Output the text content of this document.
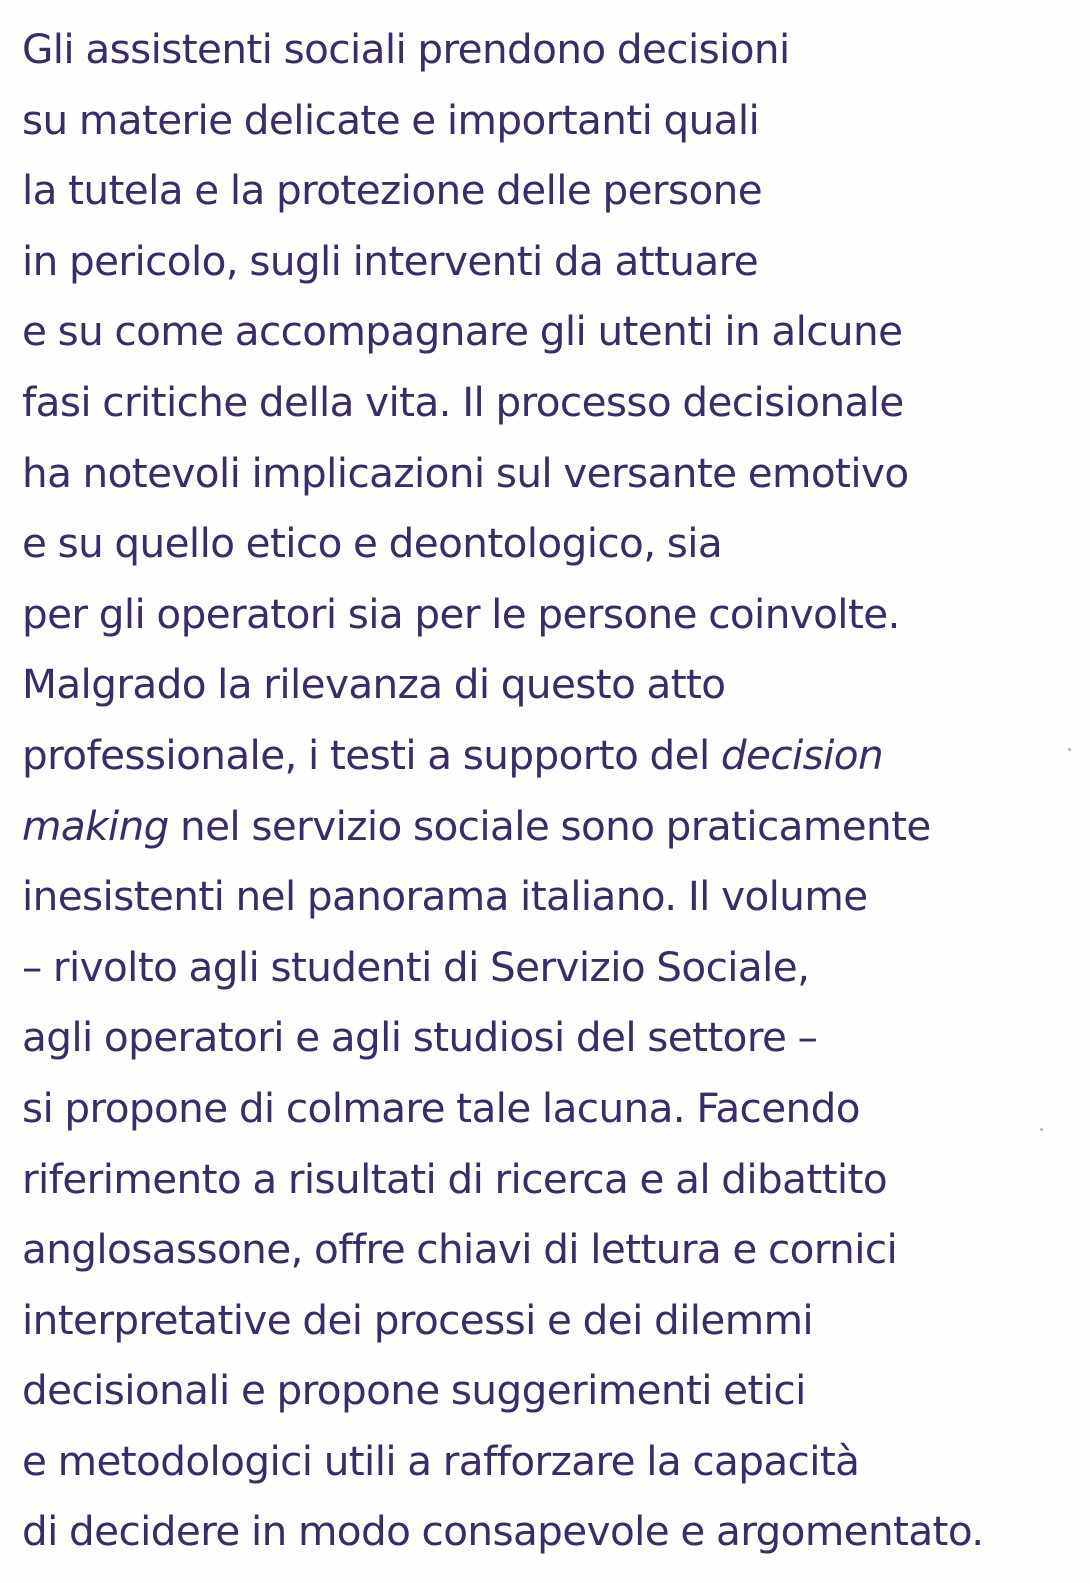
Gli assistenti sociali prendono decisioni
su materie delicate e importanti quali
la tutela e la protezione delle persone
in pericolo, sugli interventi da attuare
e su come accompagnare gli utenti in alcune
fasi critiche della vita. Il processo decisionale
ha notevoli implicazioni sul versante emotivo
e su quello etico e deontologico, sia
per gli operatori sia per le persone coinvolte.
Malgrado la rilevanza di questo atto
professionale, i testi a supporto del decision
making nel servizio sociale sono praticamente
inesistenti nel panorama italiano. Il volume
– rivolto agli studenti di Servizio Sociale,
agli operatori e agli studiosi del settore –
si propone di colmare tale lacuna. Facendo
riferimento a risultati di ricerca e al dibattito
anglosassone, offre chiavi di lettura e cornici
interpretative dei processi e dei dilemmi
decisionali e propone suggerimenti etici
e metodologici utili a rafforzare la capacità
di decidere in modo consapevole e argomentato.
